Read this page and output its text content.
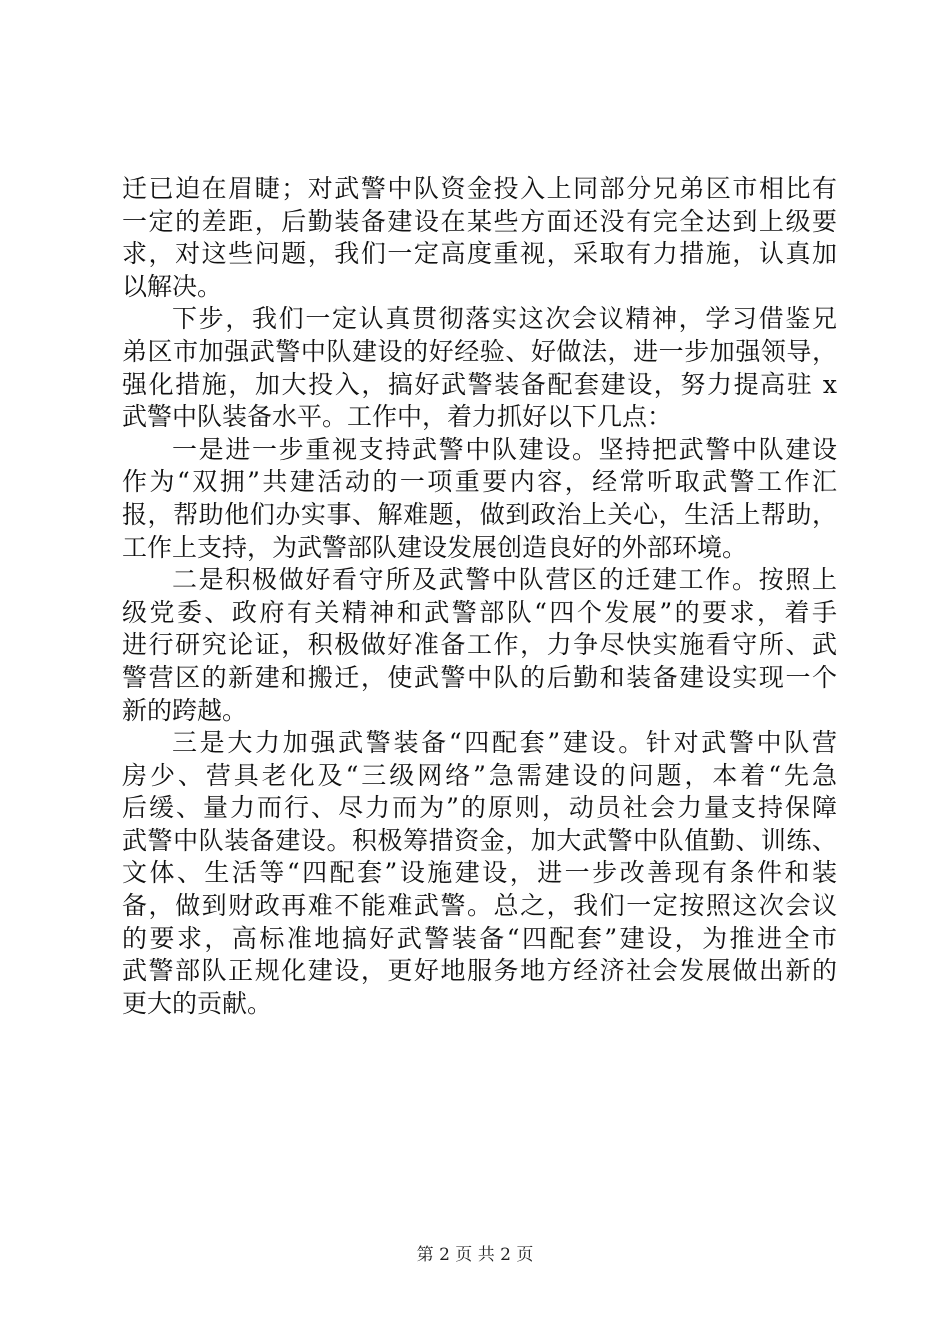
迁已迫在眉睫；对武警中队资金投入上同部分兄弟区市相比有
一定的差距，后勤装备建设在某些方面还没有完全达到上级要
求，对这些问题，我们一定高度重视，采取有力措施，认真加
以解决。
下步，我们一定认真贯彻落实这次会议精神，学习借鉴兄
弟区市加强武警中队建设的好经验、好做法，进一步加强领导，
强化措施，加大投入，搞好武警装备配套建设，努力提高驻 x
武警中队装备水平。工作中，着力抓好以下几点：
一是进一步重视支持武警中队建设。坚持把武警中队建设
作为“双拥”共建活动的一项重要内容，经常听取武警工作汇
报，帮助他们办实事、解难题，做到政治上关心，生活上帮助，
工作上支持，为武警部队建设发展创造良好的外部环境。
二是积极做好看守所及武警中队营区的迁建工作。按照上
级党委、政府有关精神和武警部队“四个发展”的要求，着手
进行研究论证，积极做好准备工作，力争尽快实施看守所、武
警营区的新建和搬迁，使武警中队的后勤和装备建设实现一个
新的跨越。
三是大力加强武警装备“四配套”建设。针对武警中队营
房少、营具老化及“三级网络”急需建设的问题，本着“先急
后缓、量力而行、尽力而为”的原则，动员社会力量支持保障
武警中队装备建设。积极筹措资金，加大武警中队值勤、训练、
文体、生活等“四配套”设施建设，进一步改善现有条件和装
备，做到财政再难不能难武警。总之，我们一定按照这次会议
的要求，高标准地搞好武警装备“四配套”建设，为推进全市
武警部队正规化建设，更好地服务地方经济社会发展做出新的
更大的贡献。
第 2 页 共 2 页
